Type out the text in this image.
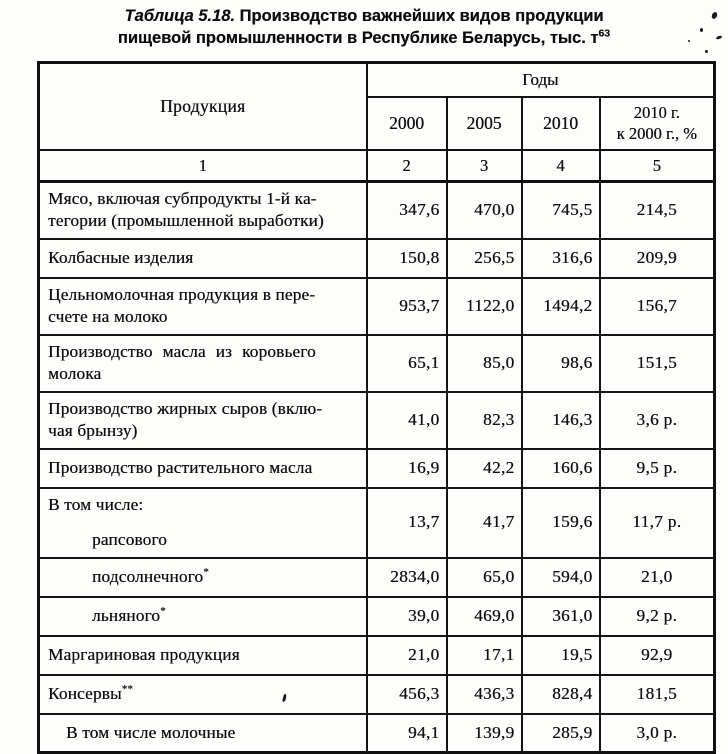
Таблица 5.18. Производство важнейших видов продукции
пищевой промышленности в Республике Беларусь, тыс. $т^{63}$
Продукция	Годы			
	2000	2005	2010	2010 г.
к 2000 г., %

1	2	3	4	5

Мясо, включая субпродукты 1-й ка-
тегории (промышленной выработки)	347,6	470,0	745,5	214,5

Колбасные изделия	150,8	256,5	316,6	209,9

Цельномолочная продукция в пере-
счете на молоко	953,7	1122,0	1494,2	156,7

Производство масла из коровьего
молока	65,1	85,0	98,6	151,5

Производство жирных сыров (вклю-
чая брынзу)	41,0	82,3	146,3	3,6 р.

Производство растительного масла	16,9	42,2	160,6	9,5 р.

В том числе:
рапсового	13,7	41,7	159,6	11,7 р.

подсолнечного*	2834,0	65,0	594,0	21,0

льняного*	39,0	469,0	361,0	9,2 р.

Маргариновая продукция	21,0	17,1	19,5	92,9

Консервы**	456,3	436,3	828,4	181,5

В том числе молочные	94,1	139,9	285,9	3,0 р.
